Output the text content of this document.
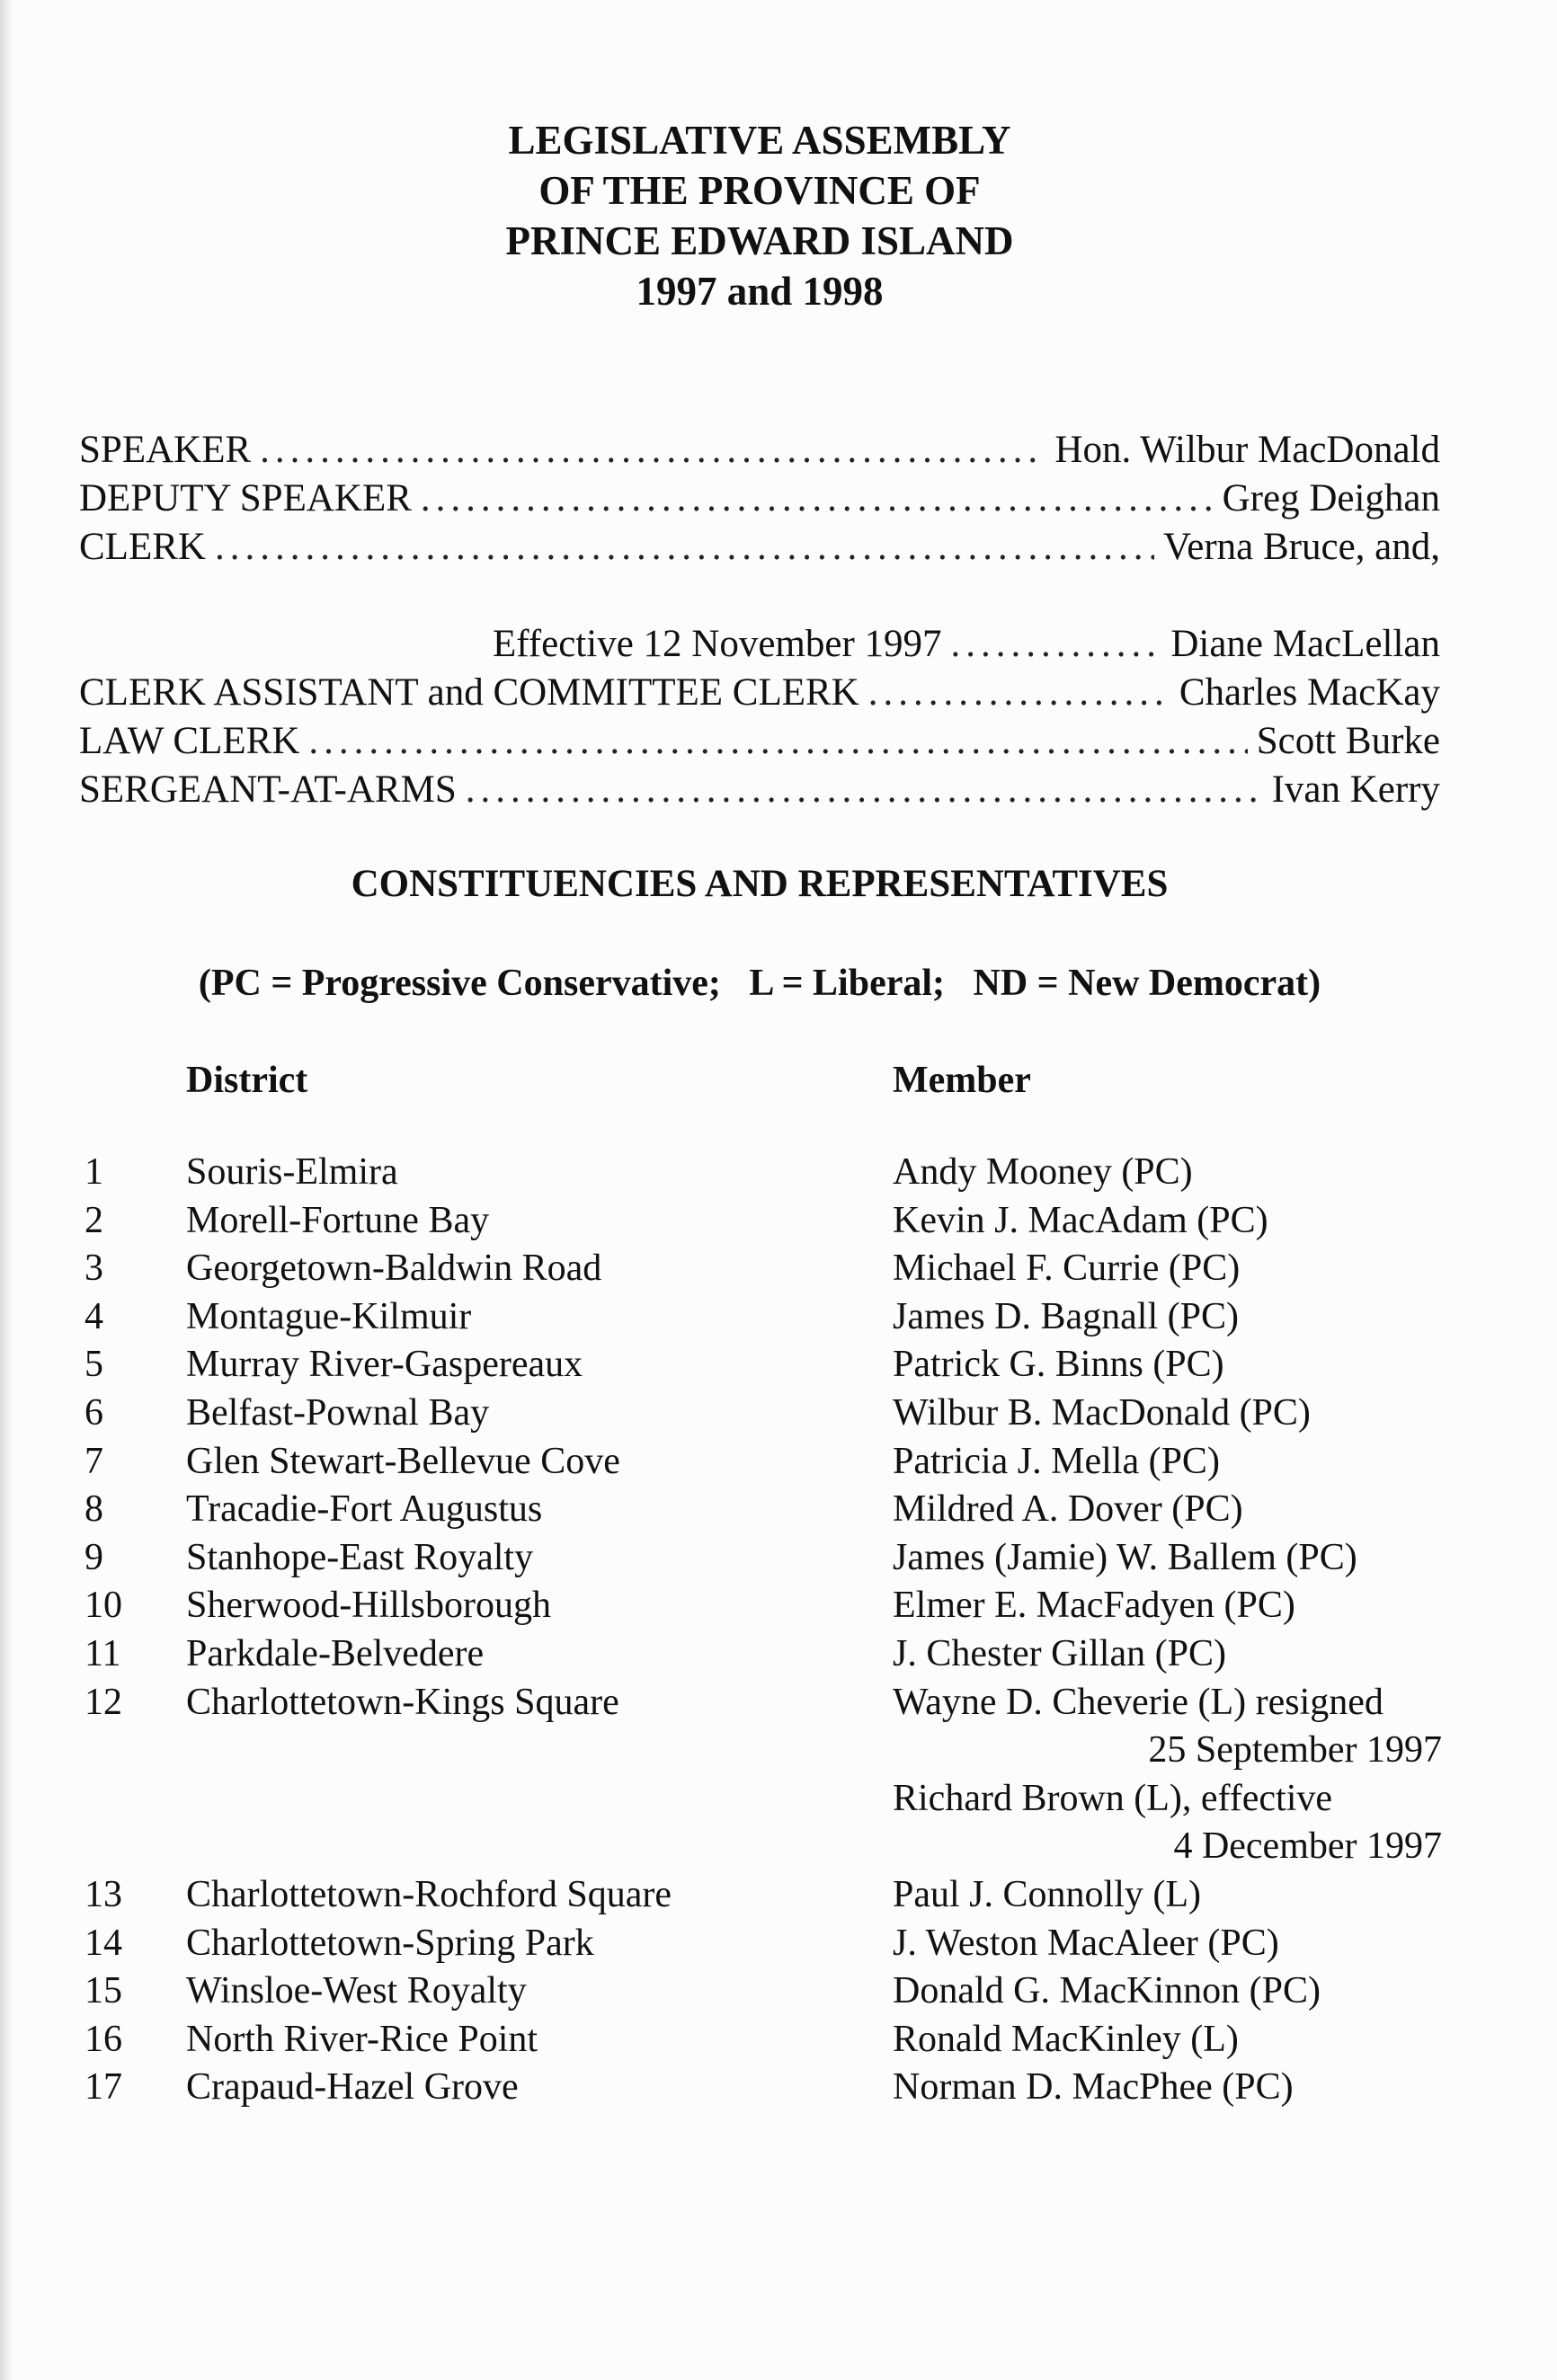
LEGISLATIVE ASSEMBLY
OF THE PROVINCE OF
PRINCE EDWARD ISLAND
1997 and 1998
SPEAKER .....	Hon. Wilbur MacDonald
DEPUTY SPEAKER .....	Greg Deighan
CLERK .....	Verna Bruce, and,
Effective 12 November 1997 .....	Diane MacLellan
CLERK ASSISTANT and COMMITTEE CLERK .....	Charles MacKay
LAW CLERK .....	Scott Burke
SERGEANT-AT-ARMS .....	Ivan Kerry
CONSTITUENCIES AND REPRESENTATIVES
(PC = Progressive Conservative;   L = Liberal;   ND = New Democrat)
District	Member
1	Souris-Elmira	Andy Mooney (PC)
2	Morell-Fortune Bay	Kevin J. MacAdam (PC)
3	Georgetown-Baldwin Road	Michael F. Currie (PC)
4	Montague-Kilmuir	James D. Bagnall (PC)
5	Murray River-Gaspereaux	Patrick G. Binns (PC)
6	Belfast-Pownal Bay	Wilbur B. MacDonald (PC)
7	Glen Stewart-Bellevue Cove	Patricia J. Mella (PC)
8	Tracadie-Fort Augustus	Mildred A. Dover (PC)
9	Stanhope-East Royalty	James (Jamie) W. Ballem (PC)
10	Sherwood-Hillsborough	Elmer E. MacFadyen (PC)
11	Parkdale-Belvedere	J. Chester Gillan (PC)
12	Charlottetown-Kings Square	Wayne D. Cheverie (L) resigned
25 September 1997
Richard Brown (L), effective
4 December 1997
13	Charlottetown-Rochford Square	Paul J. Connolly (L)
14	Charlottetown-Spring Park	J. Weston MacAleer (PC)
15	Winsloe-West Royalty	Donald G. MacKinnon (PC)
16	North River-Rice Point	Ronald MacKinley (L)
17	Crapaud-Hazel Grove	Norman D. MacPhee (PC)
